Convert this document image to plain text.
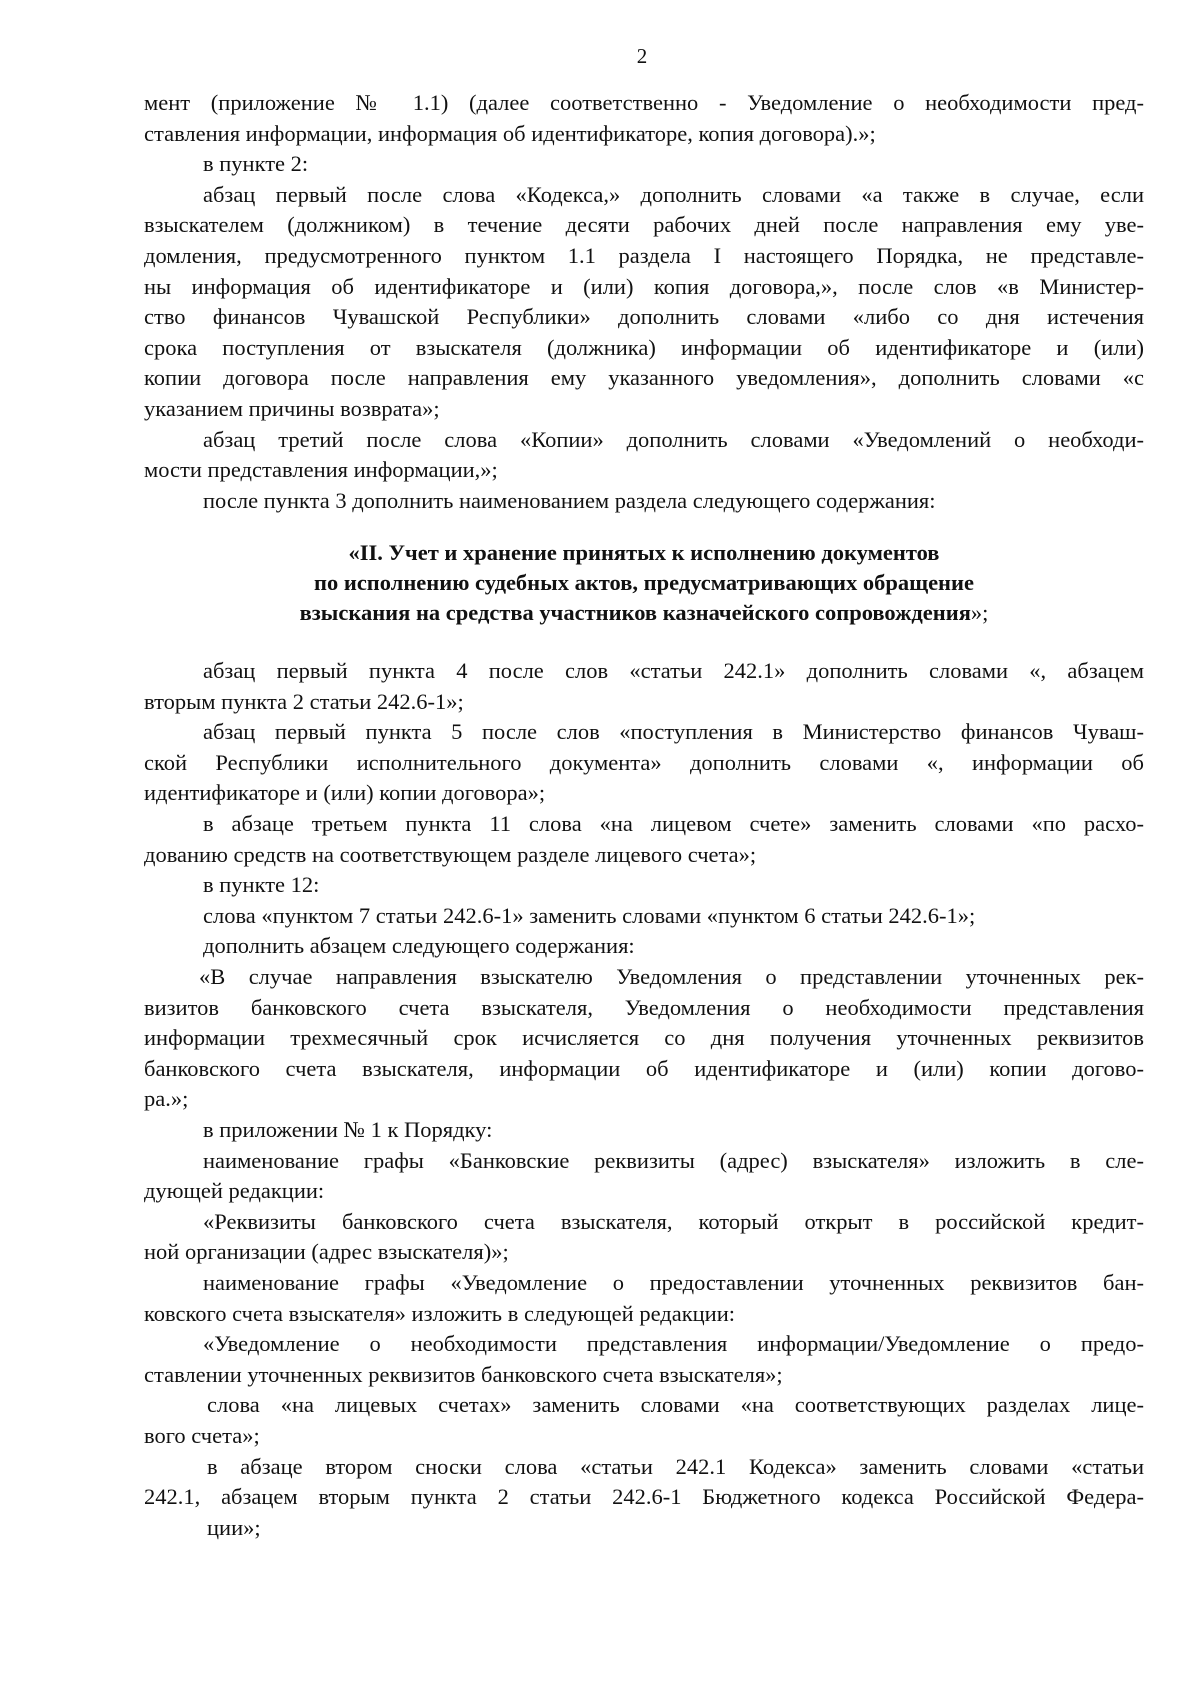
2
мент (приложение № 1.1) (далее соответственно - Уведомление о необходимости пред-
ставления информации, информация об идентификаторе, копия договора).»;
в пункте 2:
абзац первый после слова «Кодекса,» дополнить словами «а также в случае, если
взыскателем (должником) в течение десяти рабочих дней после направления ему уве-
домления, предусмотренного пунктом 1.1 раздела I настоящего Порядка, не представле-
ны информация об идентификаторе и (или) копия договора,», после слов «в Министер-
ство финансов Чувашской Республики» дополнить словами «либо со дня истечения
срока поступления от взыскателя (должника) информации об идентификаторе и (или)
копии договора после направления ему указанного уведомления», дополнить словами «с
указанием причины возврата»;
абзац третий после слова «Копии» дополнить словами «Уведомлений о необходи-
мости представления информации,»;
после пункта 3 дополнить наименованием раздела следующего содержания:
«II. Учет и хранение принятых к исполнению документов
по исполнению судебных актов, предусматривающих обращение
взыскания на средства участников казначейского сопровождения»;
абзац первый пункта 4 после слов «статьи 242.1» дополнить словами «, абзацем
вторым пункта 2 статьи 242.6-1»;
абзац первый пункта 5 после слов «поступления в Министерство финансов Чуваш-
ской Республики исполнительного документа» дополнить словами «, информации об
идентификаторе и (или) копии договора»;
в абзаце третьем пункта 11 слова «на лицевом счете» заменить словами «по расхо-
дованию средств на соответствующем разделе лицевого счета»;
в пункте 12:
слова «пунктом 7 статьи 242.6-1» заменить словами «пунктом 6 статьи 242.6-1»;
дополнить абзацем следующего содержания:
«В случае направления взыскателю Уведомления о представлении уточненных рек-
визитов банковского счета взыскателя, Уведомления о необходимости представления
информации трехмесячный срок исчисляется со дня получения уточненных реквизитов
банковского счета взыскателя, информации об идентификаторе и (или) копии догово-
ра.»;
в приложении № 1 к Порядку:
наименование графы «Банковские реквизиты (адрес) взыскателя» изложить в сле-
дующей редакции:
«Реквизиты банковского счета взыскателя, который открыт в российской кредит-
ной организации (адрес взыскателя)»;
наименование графы «Уведомление о предоставлении уточненных реквизитов бан-
ковского счета взыскателя» изложить в следующей редакции:
«Уведомление о необходимости представления информации/Уведомление о предо-
ставлении уточненных реквизитов банковского счета взыскателя»;
слова «на лицевых счетах» заменить словами «на соответствующих разделах лице-
вого счета»;
в абзаце втором сноски слова «статьи 242.1 Кодекса» заменить словами «статьи
242.1, абзацем вторым пункта 2 статьи 242.6-1 Бюджетного кодекса Российской Федера-
ции»;
